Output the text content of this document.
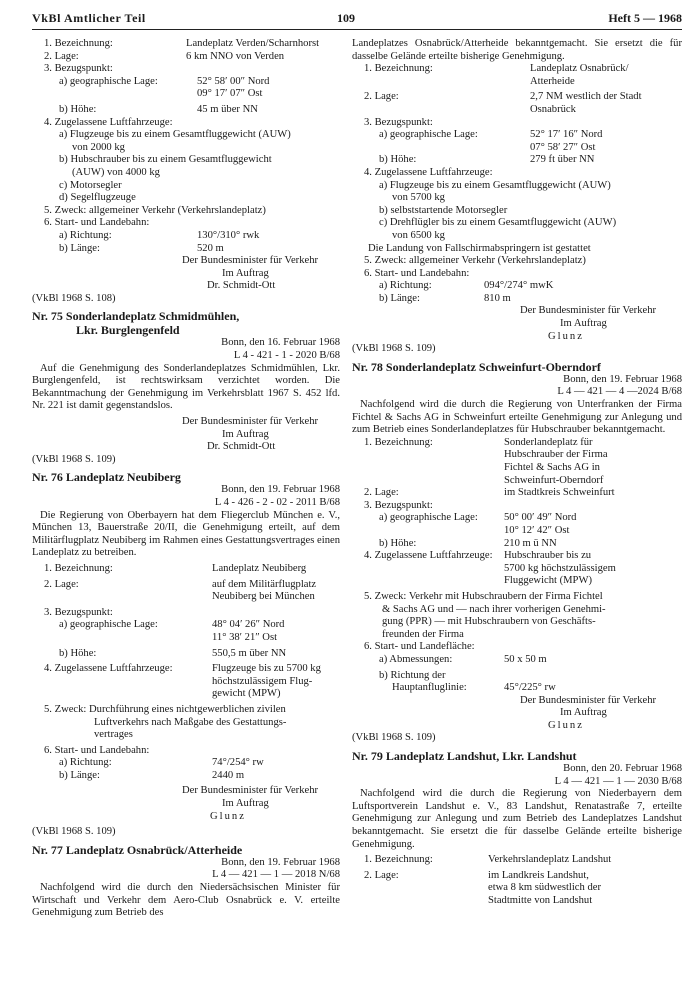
VkBl Amtlicher Teil	109	Heft 5 — 1968
1. Bezeichnung:	Landeplatz Verden/Scharnhorst
2. Lage:	6 km NNO von Verden
3. Bezugspunkt:
a) geographische Lage:	52° 58′ 00″ Nord
09° 17′ 07″ Ost
b) Höhe:	45 m über NN
4. Zugelassene Luftfahrzeuge:
a) Flugzeuge bis zu einem Gesamtfluggewicht (AUW)
von 2000 kg
b) Hubschrauber bis zu einem Gesamtfluggewicht
(AUW) von 4000 kg
c) Motorsegler
d) Segelflugzeuge
5. Zweck: allgemeiner Verkehr (Verkehrslandeplatz)
6. Start- und Landebahn:
a) Richtung:	130°/310° rwk
b) Länge:	520 m
Der Bundesminister für Verkehr
Im Auftrag
Dr. Schmidt-Ott
(VkBl 1968 S. 108)
Nr. 75 Sonderlandeplatz Schmidmühlen,
Lkr. Burglengenfeld
Bonn, den 16. Februar 1968
L 4 - 421 - 1 - 2020 B/68
Auf die Genehmigung des Sonderlandeplatzes Schmidmühlen, Lkr. Burglengenfeld, ist rechtswirksam verzichtet worden. Die Bekanntmachung der Genehmigung im Verkehrsblatt 1967 S. 452 lfd. Nr. 221 ist damit gegenstandslos.
Der Bundesminister für Verkehr
Im Auftrag
Dr. Schmidt-Ott
(VkBl 1968 S. 109)
Nr. 76 Landeplatz Neubiberg
Bonn, den 19. Februar 1968
L 4 - 426 - 2 - 02 - 2011 B/68
Die Regierung von Oberbayern hat dem Fliegerclub München e. V., München 13, Bauerstraße 20/II, die Genehmigung erteilt, auf dem Militärflugplatz Neubiberg im Rahmen eines Gestattungsvertrages einen Landeplatz zu betreiben.
1. Bezeichnung:	Landeplatz Neubiberg
2. Lage:	auf dem Militärflugplatz
Neubiberg bei München
3. Bezugspunkt:
a) geographische Lage:	48° 04′ 26″ Nord
11° 38′ 21″ Ost
b) Höhe:	550,5 m über NN
4. Zugelassene Luftfahrzeuge:	Flugzeuge bis zu 5700 kg
höchstzulässigem Flug-
gewicht (MPW)
5. Zweck: Durchführung eines nichtgewerblichen zivilen
Luftverkehrs nach Maßgabe des Gestattungs-
vertrages
6. Start- und Landebahn:
a) Richtung:	74°/254° rw
b) Länge:	2440 m
Der Bundesminister für Verkehr
Im Auftrag
Glunz
(VkBl 1968 S. 109)
Nr. 77 Landeplatz Osnabrück/Atterheide
Bonn, den 19. Februar 1968
L 4 — 421 — 1 — 2018 N/68
Nachfolgend wird die durch den Niedersächsischen Minister für Wirtschaft und Verkehr dem Aero-Club Osnabrück e. V. erteilte Genehmigung zum Betrieb des
Landeplatzes Osnabrück/Atterheide bekanntgemacht. Sie ersetzt die für dasselbe Gelände erteilte bisherige Genehmigung.
1. Bezeichnung:	Landeplatz Osnabrück/
Atterheide
2. Lage:	2,7 NM westlich der Stadt
Osnabrück
3. Bezugspunkt:
a) geographische Lage:	52° 17′ 16″ Nord
07° 58′ 27″ Ost
b) Höhe:	279 ft über NN
4. Zugelassene Luftfahrzeuge:
a) Flugzeuge bis zu einem Gesamtfluggewicht (AUW)
von 5700 kg
b) selbststartende Motorsegler
c) Drehflügler bis zu einem Gesamtfluggewicht (AUW)
von 6500 kg
Die Landung von Fallschirmabspringern ist gestattet
5. Zweck: allgemeiner Verkehr (Verkehrslandeplatz)
6. Start- und Landebahn:
a) Richtung:	094°/274° mwK
b) Länge:	810 m
Der Bundesminister für Verkehr
Im Auftrag
Glunz
(VkBl 1968 S. 109)
Nr. 78 Sonderlandeplatz Schweinfurt-Oberndorf
Bonn, den 19. Februar 1968
L 4 — 421 — 4 —2024 B/68
Nachfolgend wird die durch die Regierung von Unterfranken der Firma Fichtel & Sachs AG in Schweinfurt erteilte Genehmigung zur Anlegung und zum Betrieb eines Sonderlandeplatzes für Hubschrauber bekanntgemacht.
1. Bezeichnung:	Sonderlandeplatz für
Hubschrauber der Firma
Fichtel & Sachs AG in
Schweinfurt-Oberndorf
2. Lage:	im Stadtkreis Schweinfurt
3. Bezugspunkt:
a) geographische Lage:	50° 00′ 49″ Nord
10° 12′ 42″ Ost
b) Höhe:	210 m ü NN
4. Zugelassene Luftfahrzeuge:	Hubschrauber bis zu
5700 kg höchstzulässigem
Fluggewicht (MPW)
5. Zweck: Verkehr mit Hubschraubern der Firma Fichtel
& Sachs AG und — nach ihrer vorherigen Genehmi-
gung (PPR) — mit Hubschraubern von Geschäfts-
freunden der Firma
6. Start- und Landefläche:
a) Abmessungen:	50 x 50 m
b) Richtung der
Hauptanfluglinie:	45°/225° rw
Der Bundesminister für Verkehr
Im Auftrag
Glunz
(VkBl 1968 S. 109)
Nr. 79 Landeplatz Landshut, Lkr. Landshut
Bonn, den 20. Februar 1968
L 4 — 421 — 1 — 2030 B/68
Nachfolgend wird die durch die Regierung von Niederbayern dem Luftsportverein Landshut e. V., 83 Landshut, Renatastraße 7, erteilte Genehmigung zur Anlegung und zum Betrieb des Landeplatzes Landshut bekanntgemacht. Sie ersetzt die für dasselbe Gelände erteilte bisherige Genehmigung.
1. Bezeichnung:	Verkehrslandeplatz Landshut
2. Lage:	im Landkreis Landshut,
etwa 8 km südwestlich der
Stadtmitte von Landshut
